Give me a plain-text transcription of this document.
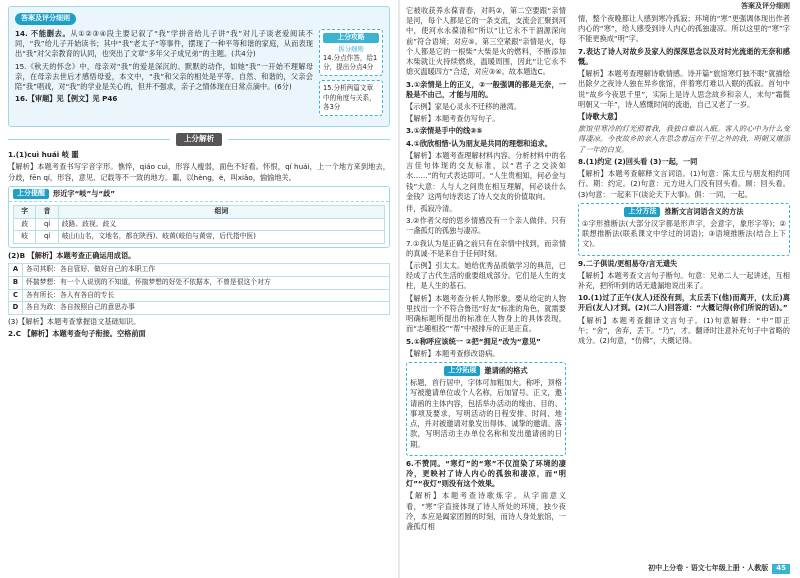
答案及评分细则
答案及评分细则

14. 不能删去。从①②③④段主要记叙了“我”学拼音给儿子讲“我”对儿子谈老爱阅读不同，“我”给儿子开始读书；其中“我”老太子“等事件，摆现了一种平等和谐的家庭，从而表现出“我”对父亲教育的认同，也突出了文章“多年父子成兄弟”的主题。(共4分)

15.《秋天的怀念》中，母亲对“我”的爱是深沉的、默默的动作，如她“我”一开始不理解母亲，在母亲去世后才感悟母爱，本文中，“我”和父亲的相处是平等、自然、和谐的，父亲会陪“我”唱戏，对“我”的学业是关心的，但并不强求，亲子之情体现在日常点滴中。(6分)

16.【审题】见【例文】见 P46

上分攻略
拆分细则
14.分点作答，给1分，提出分点4分
15.分析两篇文章中的角度与关系，各3分
上分解析

1.(1)cuì huái 岐 噩

【解析】本题考查书写字音字形。憔悴，qiáo cuì，形容人瘦弱，面色不好看。怀恨，qí huái，上一个地方来到地去，分歧，fēn qí，形容，意见、记载等不一致的地方。噩，以hèng，è，叫xiǎo，愉愉地关。

上分提醒	形近字“岐”与“歧”
字	音	组词
歧	qí	歧路、歧视、歧义
岐	qí	岐山(山名，文地名，都在陕西)、岐黄(岐伯与黄帝，后代指中医)

(2)B 【解析】本题考查正确运用成语。

A	各司其职：各自管好、做好自己的本职工作
B	怀揣梦想：有一个人说别的不知道，怀揣梦想的好处不依据本，不曾是很这个对方
C	各有所长：各人有各自的专长
D	各自为政：各自按照自己的意思办事

(3)【解析】本题考查掌握语文基础知识。

2.C 【解析】本题考查句子衔接。空格前面

它被收获养永葆青春，对吗②，第二空要跟“亲情是河，每个人都是它的一条支流，支流会汇聚到河中，使河水永葆清和”所以“让它永不干涸源深向前”符合语境；对应⑤。第三空紧跟“亲情是火，每个人都是它的一根柴”大柴是火的燃料，不断添加木柴就让火持续燃烧，温暖周围，因此“让它永不熄灭温暖四方”合适，对应③④。故本题选C。

3.①亲情是上的正义，②一般强调的都是无奈，一般是不由己，才能与用的。

【示例】家是心灵永不迁移的港湾。

【解析】本题考查仿写句子。

3.①亲情是手中的线③⑤

4.①欣欣相惜·认为朋友是共同的理想和追求。

【解析】本题考查理解材料内容。分析材料中的名言佳句体现的交友标准，以“君子之交淡如水……”的句式表达即可。“人生贵相知，何必金与钱”大意：人与人之间贵在相互理解，何必谈什么金钱？这两句诗表达了诗人交友的价值取向。

伴，孤寂冷清。

3.②作者父母的思乡情感没有一个亲人做伴、只有一盏孤灯的孤独与凄凉。

7.①我认为是正确之前只有在亲情中找到，而亲情的真诚·不是来自于任何时刻。

【示例】引太太。她给优秀品质做学习的典范，已经成了古代生活的重要组成部分。它们是人生的支柱，是人生的基石。

【解析】本题考查分析人物形象。要从给定的人物里找出一个不符合鲁迅“好友”标准的角色，就需要明确标题所提出的标准在人物身上的具体表现，而“志趣相投”“帮”中被排斥的正是正直。

5.①称呼应该统一 ②把“拥足”改为“意见”

【解析】本题考查修改语病。

上分拓展	邀请函的格式

标题，首行居中，字体可加粗加大。称呼，顶格写被邀请单位或个人名称，后加冒号。正文，邀请函的主体内容，包括举办活动的缘由、目的、事项及要求，写明活动的日程安排、时间、地点，并对被邀请对象发出得体、诚挚的邀请。落款，写明活动主办单位名称和发出邀请函的日期。

6.不赞同。“寒灯”的“寒”不仅渲染了环境的凄冷，更映衬了诗人内心的孤独和凄凉，而“明灯”“夜灯”则没有这个效果。

【解析】本题考查诗歌炼字。从字面意义看，“寒”字直接体现了诗人所处的环境，独少夜冷，本应是阖家团圆的时刻，而诗人身处旅馆，一盏孤灯相

情，整个夜晚都让人感到寒冷孤寂；环境的“寒”更强调体现出作者内心的“寒”，给人感受到诗人内心的孤独凄凉。所以这里的“寒”字不能更换成“明”字。

7.表达了诗人对故乡及家人的深深思念以及对时光流逝的无奈和感慨。

【解析】本题考查理解诗歌情感。诗开篇“旅馆寒灯独不眠”就描绘出除夕之夜诗人独在异乡旅馆，伴着寒灯难以入眠的孤寂。首句中说“故乡今夜思千里”，实际上是诗人思念故乡和亲人，末句“霜鬓明朝又一年”，诗人感慨时间的流逝，自己又老了一岁。

【诗歌大意】

旅馆里寒冷的灯光照着我，我独自难以入眠。客人的心中为什么变得凄凉。今夜故乡的亲人在思念着远在千里之外的我，明朝又增添了一年的白发。

8.(1)约定 (2)回头看 (3)一起，一同

【解析】本题考查解释文言词语。(1)句意：陈太丘与朋友相约同行。期：约定。(2)句意：元方进入门没有回头看。顾：回头看。(3)句意：一起来下(谈论天下大事)。俱：一同，一起。

上分方法	推断文言词语含义的方法

①字形推断法(大部分汉字都是形声字，会意字，象形字等)；②联想推断法(联系课文中学过的词语)；③语境推断法(结合上下文)。

9.二子俱说/更相易夺/言无遗失

【解析】本题考查文言句子断句。句意：兄弟二人一起讲述，互相补充，把所听到的话无遗漏地说出来了。

10.(1)过了正午(友人)还没有到，太丘丢下(他)而离开，(太丘)离开后(友人)才到。(2)(二人)回答道：“大概记得(你们所说的话)。”

【解析】本题考查翻译文言句子。(1)句意解释：“中”即正午；“舍”，舍弃，丢下。“乃”，才。翻译时注意补充句子中省略的成分。(2)句意，“仿佛”，大概记得。

初中上分卷 · 语文七年级上册 · 人教版	45
